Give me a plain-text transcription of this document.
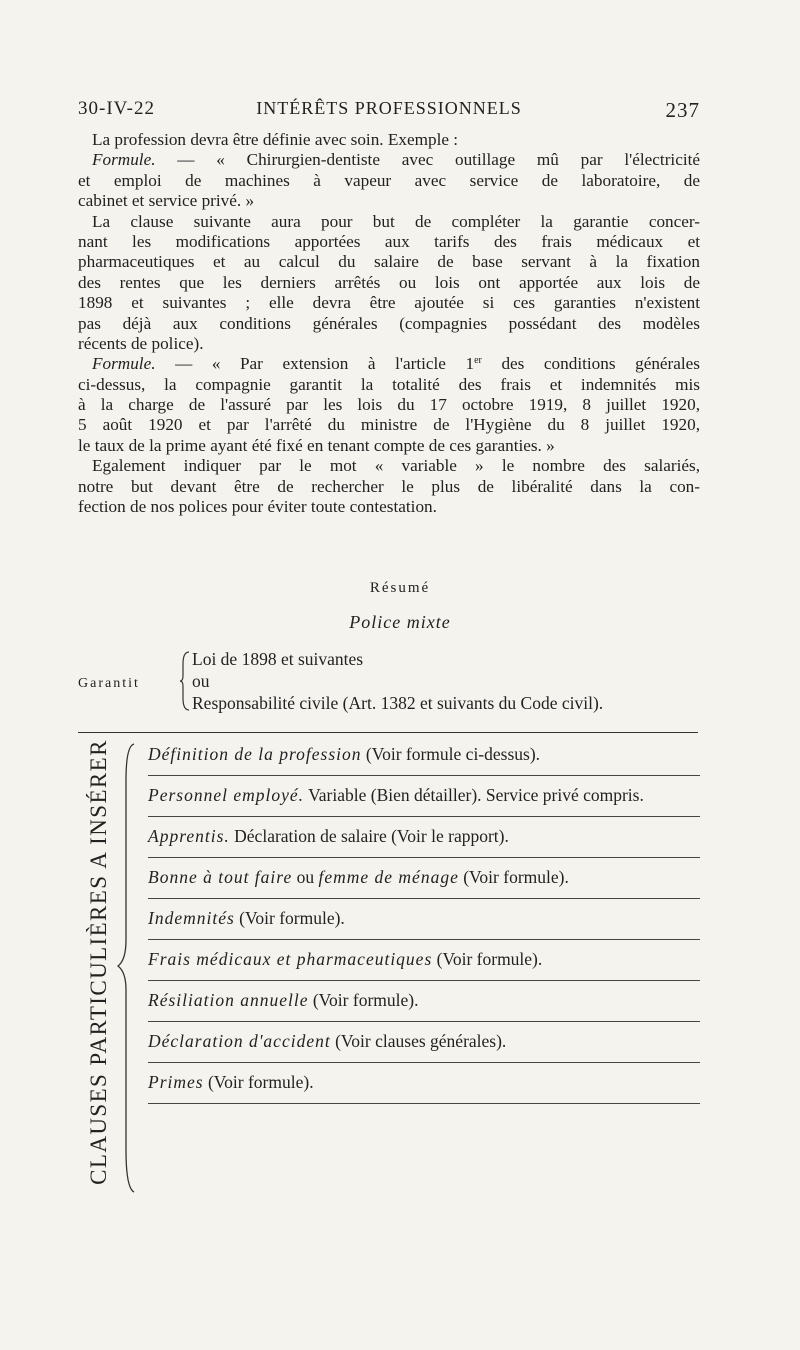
30-IV-22	INTÉRÊTS PROFESSIONNELS	237
La profession devra être définie avec soin. Exemple :
Formule. — « Chirurgien-dentiste avec outillage mû par l'électricité
et emploi de machines à vapeur avec service de laboratoire, de
cabinet et service privé. »
La clause suivante aura pour but de compléter la garantie concer-
nant les modifications apportées aux tarifs des frais médicaux et
pharmaceutiques et au calcul du salaire de base servant à la fixation
des rentes que les derniers arrêtés ou lois ont apportée aux lois de
1898 et suivantes ; elle devra être ajoutée si ces garanties n'existent
pas déjà aux conditions générales (compagnies possédant des modèles
récents de police).
Formule. — « Par extension à l'article 1er des conditions générales
ci-dessus, la compagnie garantit la totalité des frais et indemnités mis
à la charge de l'assuré par les lois du 17 octobre 1919, 8 juillet 1920,
5 août 1920 et par l'arrêté du ministre de l'Hygiène du 8 juillet 1920,
le taux de la prime ayant été fixé en tenant compte de ces garanties. »
Egalement indiquer par le mot « variable » le nombre des salariés,
notre but devant être de rechercher le plus de libéralité dans la con-
fection de nos polices pour éviter toute contestation.
Résumé
Police mixte
Garantit
Loi de 1898 et suivantes
ou
Responsabilité civile (Art. 1382 et suivants du Code civil).
CLAUSES PARTICULIÈRES A INSÉRER Définition de la profession (Voir formule ci-dessus).
Personnel employé. Variable (Bien détailler). Service privé compris.
Apprentis. Déclaration de salaire (Voir le rapport).
Bonne à tout faire ou femme de ménage (Voir formule).
Indemnités (Voir formule).
Frais médicaux et pharmaceutiques (Voir formule).
Résiliation annuelle (Voir formule).
Déclaration d'accident (Voir clauses générales).
Primes (Voir formule).
